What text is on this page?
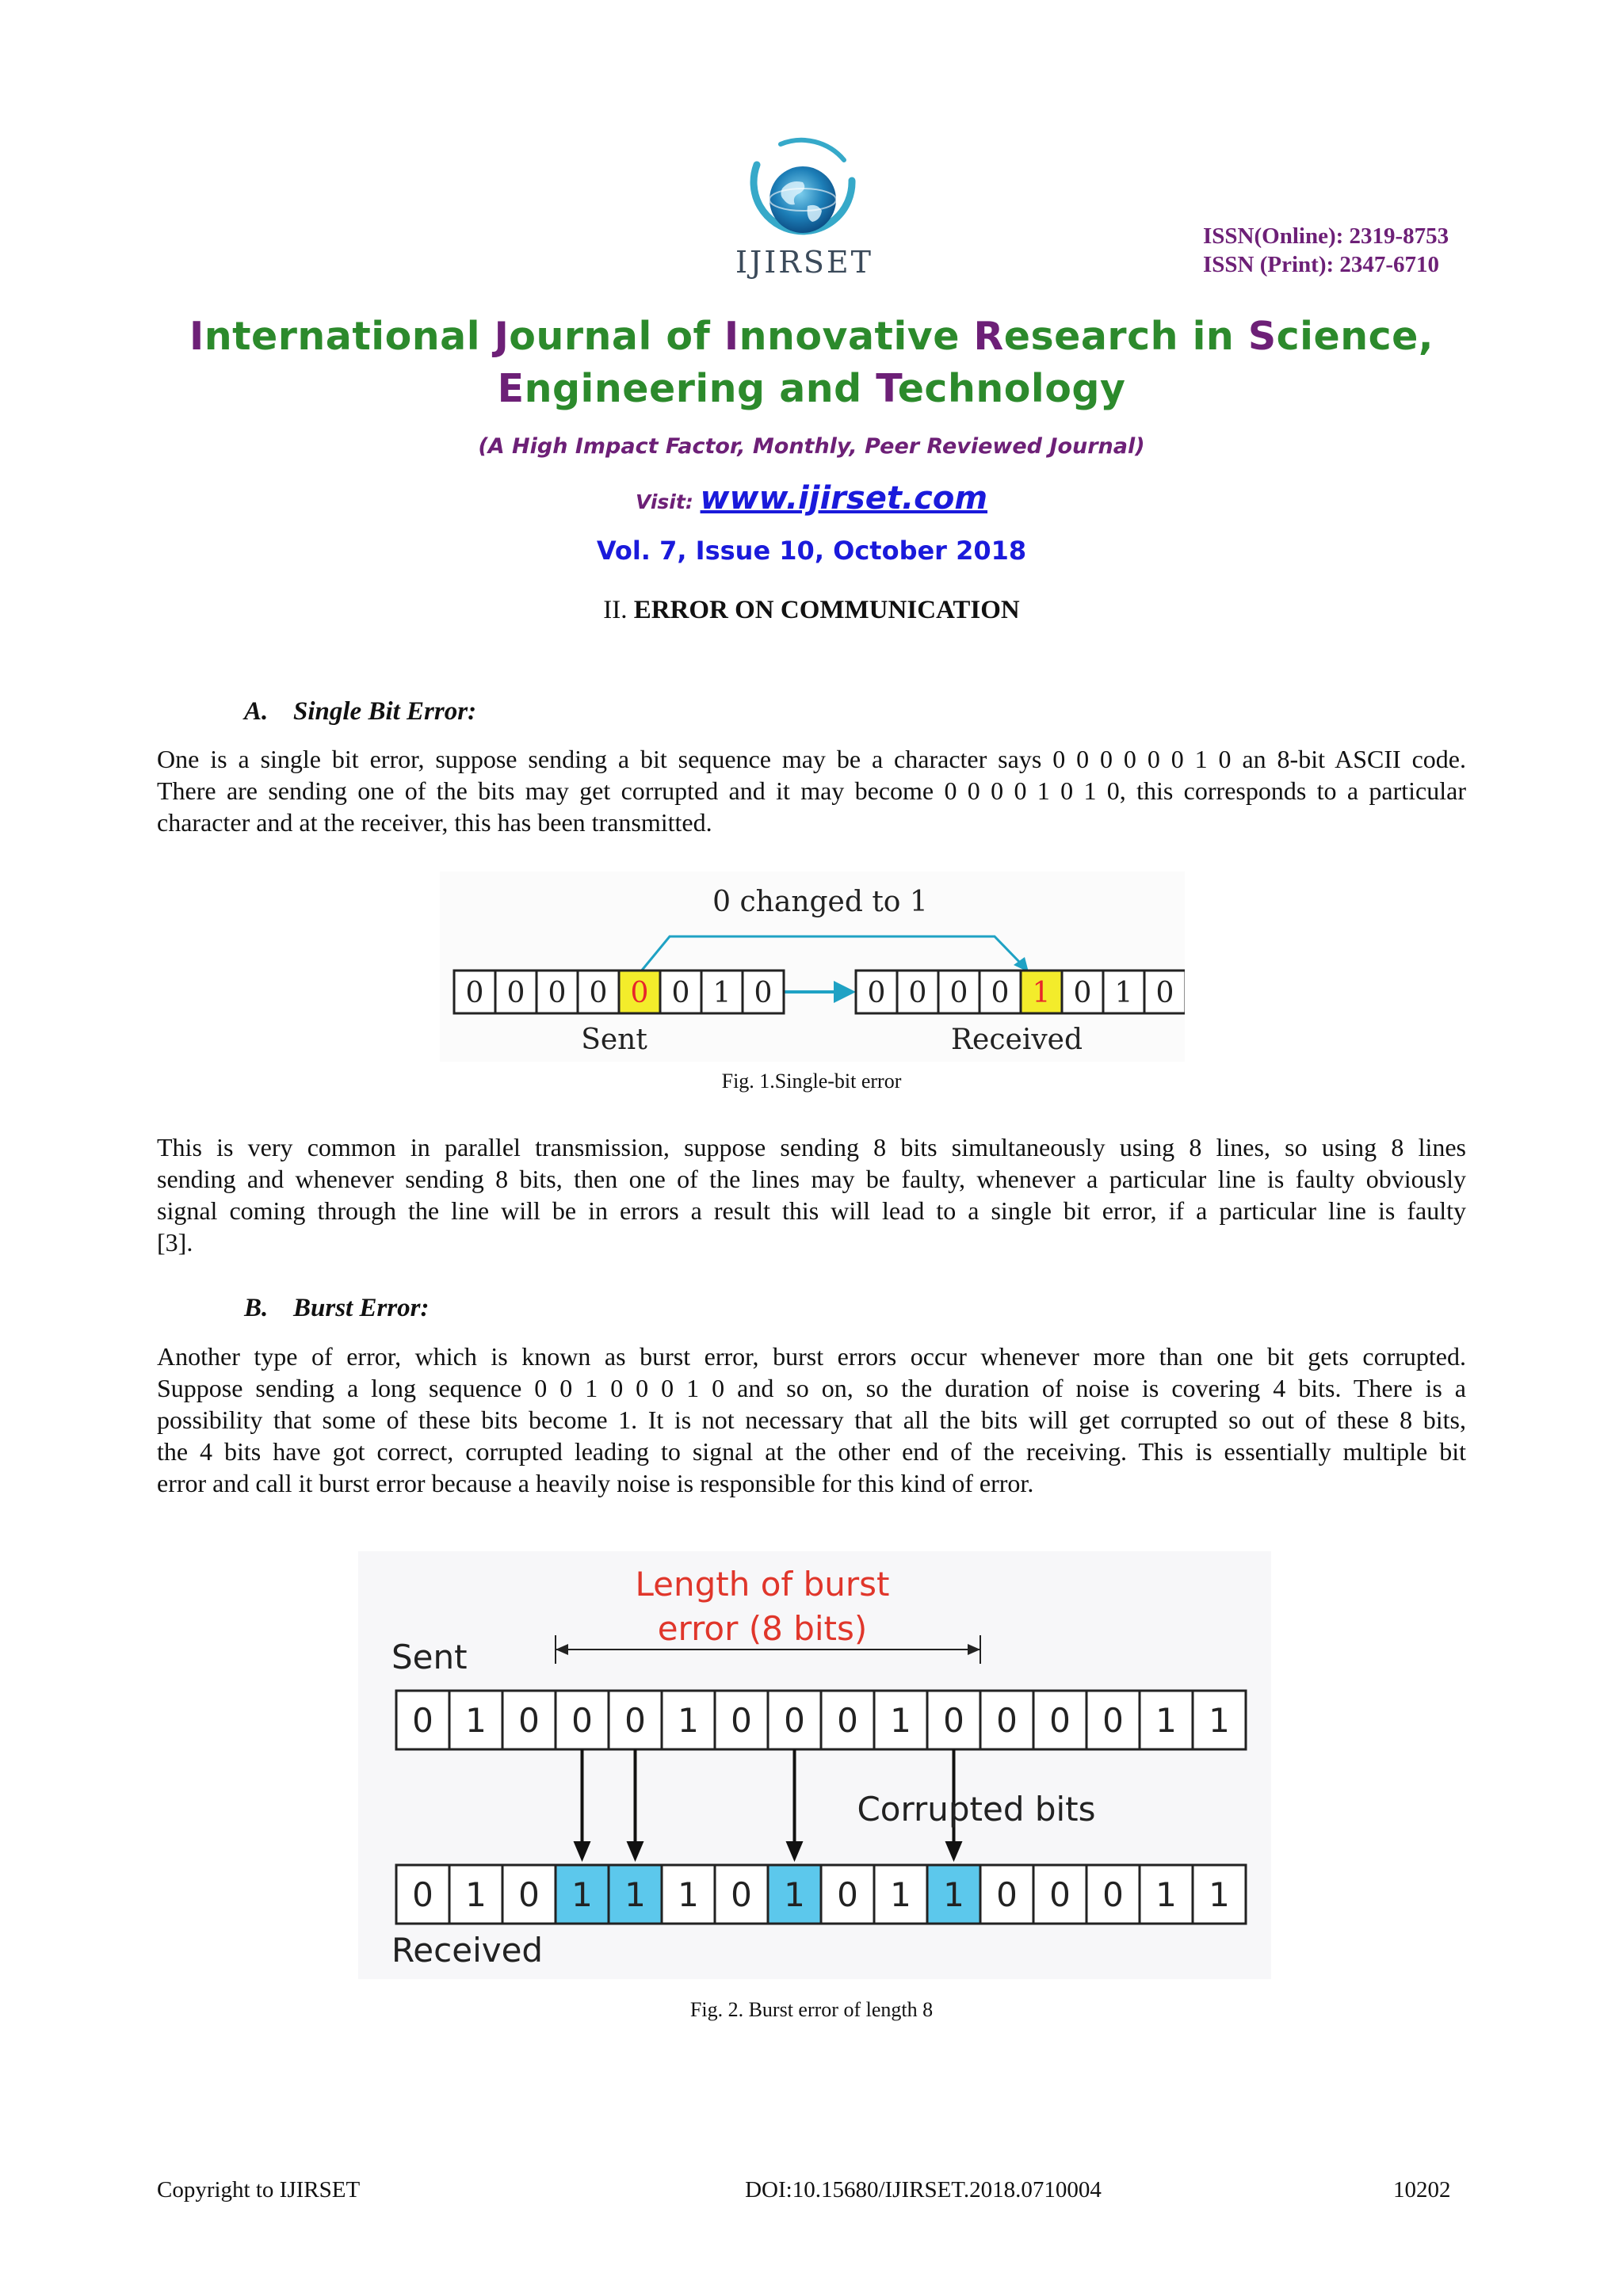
IJIRSET
ISSN(Online): 2319-8753
ISSN (Print): 2347-6710
International Journal of Innovative Research in Science,
Engineering and Technology
(A High Impact Factor, Monthly, Peer Reviewed Journal)
Visit: www.ijirset.com
Vol. 7, Issue 10, October 2018
II. ERROR ON COMMUNICATION
A. Single Bit Error:
One is a single bit error, suppose sending a bit sequence may be a character says 0 0 0 0 0 0 1 0 an 8-bit ASCII code.
There are sending one of the bits may get corrupted and it may become 0 0 0 0 1 0 1 0, this corresponds to a particular
character and at the receiver, this has been transmitted.
0 changed to 1
0 0 0 0 0 0 1 0	0 0 0 0 1 0 1 0
Sent	Received
Fig. 1.Single-bit error
This is very common in parallel transmission, suppose sending 8 bits simultaneously using 8 lines, so using 8 lines
sending and whenever sending 8 bits, then one of the lines may be faulty, whenever a particular line is faulty obviously
signal coming through the line will be in errors a result this will lead to a single bit error, if a particular line is faulty
[3].
B. Burst Error:
Another type of error, which is known as burst error, burst errors occur whenever more than one bit gets corrupted.
Suppose sending a long sequence 0 0 1 0 0 0 1 0 and so on, so the duration of noise is covering 4 bits. There is a
possibility that some of these bits become 1. It is not necessary that all the bits will get corrupted so out of these 8 bits,
the 4 bits have got correct, corrupted leading to signal at the other end of the receiving. This is essentially multiple bit
error and call it burst error because a heavily noise is responsible for this kind of error.
Length of burst
error (8 bits)
Sent
0 1 0 0 0 1 0 0 0 1 0 0 0 0 1 1
Corrupted bits
0 1 0 1 1 1 0 1 0 1 1 0 0 0 1 1
Received
Fig. 2. Burst error of length 8
Copyright to IJIRSET	DOI:10.15680/IJIRSET.2018.0710004	10202
